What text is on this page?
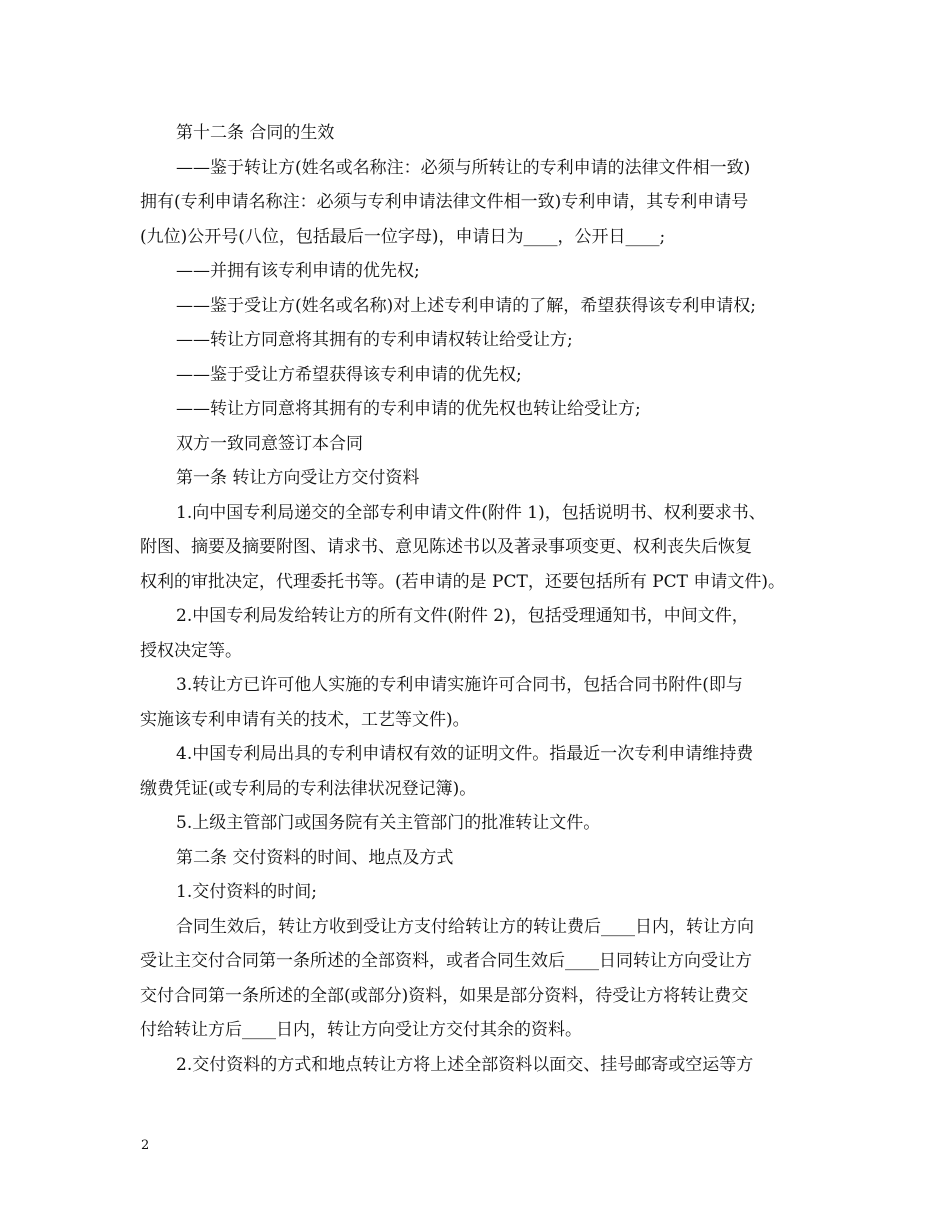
第十二条 合同的生效
——鉴于转让方(姓名或名称注：必须与所转让的专利申请的法律文件相一致)
拥有(专利申请名称注：必须与专利申请法律文件相一致)专利申请，其专利申请号
(九位)公开号(八位，包括最后一位字母)，申请日为____，公开日____;
——并拥有该专利申请的优先权;
——鉴于受让方(姓名或名称)对上述专利申请的了解，希望获得该专利申请权;
——转让方同意将其拥有的专利申请权转让给受让方;
——鉴于受让方希望获得该专利申请的优先权;
——转让方同意将其拥有的专利申请的优先权也转让给受让方;
双方一致同意签订本合同
第一条 转让方向受让方交付资料
1.向中国专利局递交的全部专利申请文件(附件 1)，包括说明书、权利要求书、
附图、摘要及摘要附图、请求书、意见陈述书以及著录事项变更、权利丧失后恢复
权利的审批决定，代理委托书等。(若申请的是 PCT，还要包括所有 PCT 申请文件)。
2.中国专利局发给转让方的所有文件(附件 2)，包括受理通知书，中间文件，
授权决定等。
3.转让方已许可他人实施的专利申请实施许可合同书，包括合同书附件(即与
实施该专利申请有关的技术，工艺等文件)。
4.中国专利局出具的专利申请权有效的证明文件。指最近一次专利申请维持费
缴费凭证(或专利局的专利法律状况登记簿)。
5.上级主管部门或国务院有关主管部门的批准转让文件。
第二条 交付资料的时间、地点及方式
1.交付资料的时间;
合同生效后，转让方收到受让方支付给转让方的转让费后____日内，转让方向
受让主交付合同第一条所述的全部资料，或者合同生效后____日同转让方向受让方
交付合同第一条所述的全部(或部分)资料，如果是部分资料，待受让方将转让费交
付给转让方后____日内，转让方向受让方交付其余的资料。
2.交付资料的方式和地点转让方将上述全部资料以面交、挂号邮寄或空运等方
2
